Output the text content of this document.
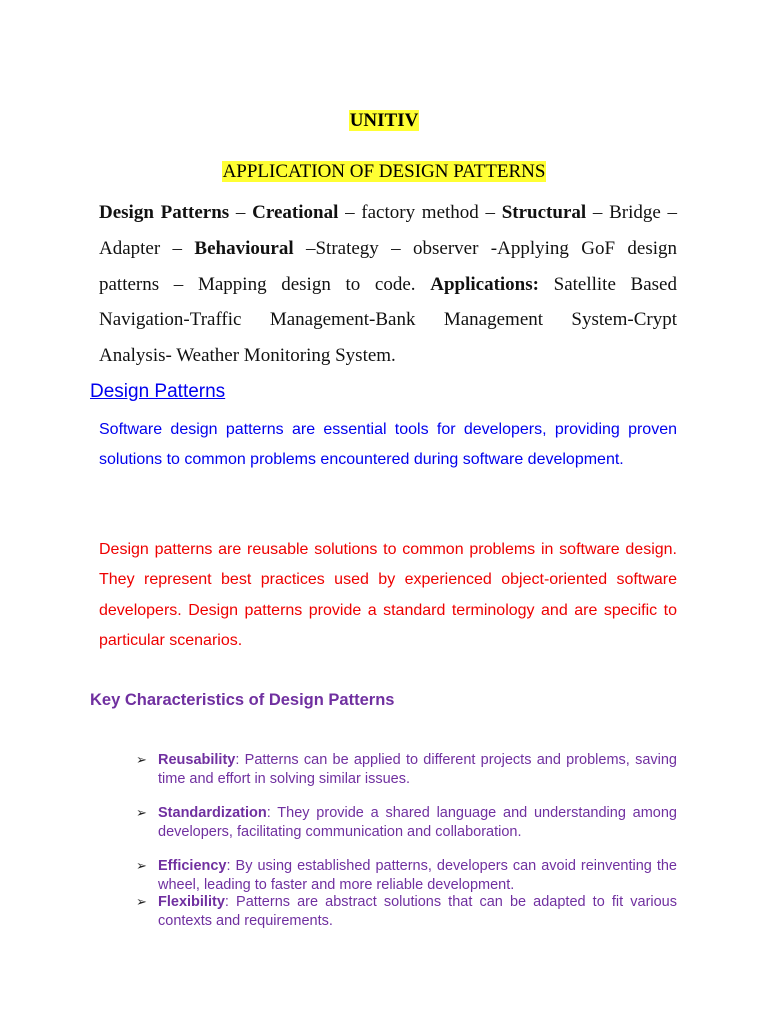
UNITIV
APPLICATION OF DESIGN PATTERNS
Design Patterns – Creational – factory method – Structural – Bridge – Adapter – Behavioural –Strategy – observer -Applying GoF design patterns – Mapping design to code. Applications: Satellite Based Navigation-Traffic Management-Bank Management System-Crypt Analysis- Weather Monitoring System.
Design Patterns
Software design patterns are essential tools for developers, providing proven solutions to common problems encountered during software development.
Design patterns are reusable solutions to common problems in software design. They represent best practices used by experienced object-oriented software developers. Design patterns provide a standard terminology and are specific to particular scenarios.
Key Characteristics of Design Patterns
➢ Reusability: Patterns can be applied to different projects and problems, saving time and effort in solving similar issues.
➢ Standardization: They provide a shared language and understanding among developers, facilitating communication and collaboration.
➢ Efficiency: By using established patterns, developers can avoid reinventing the wheel, leading to faster and more reliable development.
➢ Flexibility: Patterns are abstract solutions that can be adapted to fit various contexts and requirements.
